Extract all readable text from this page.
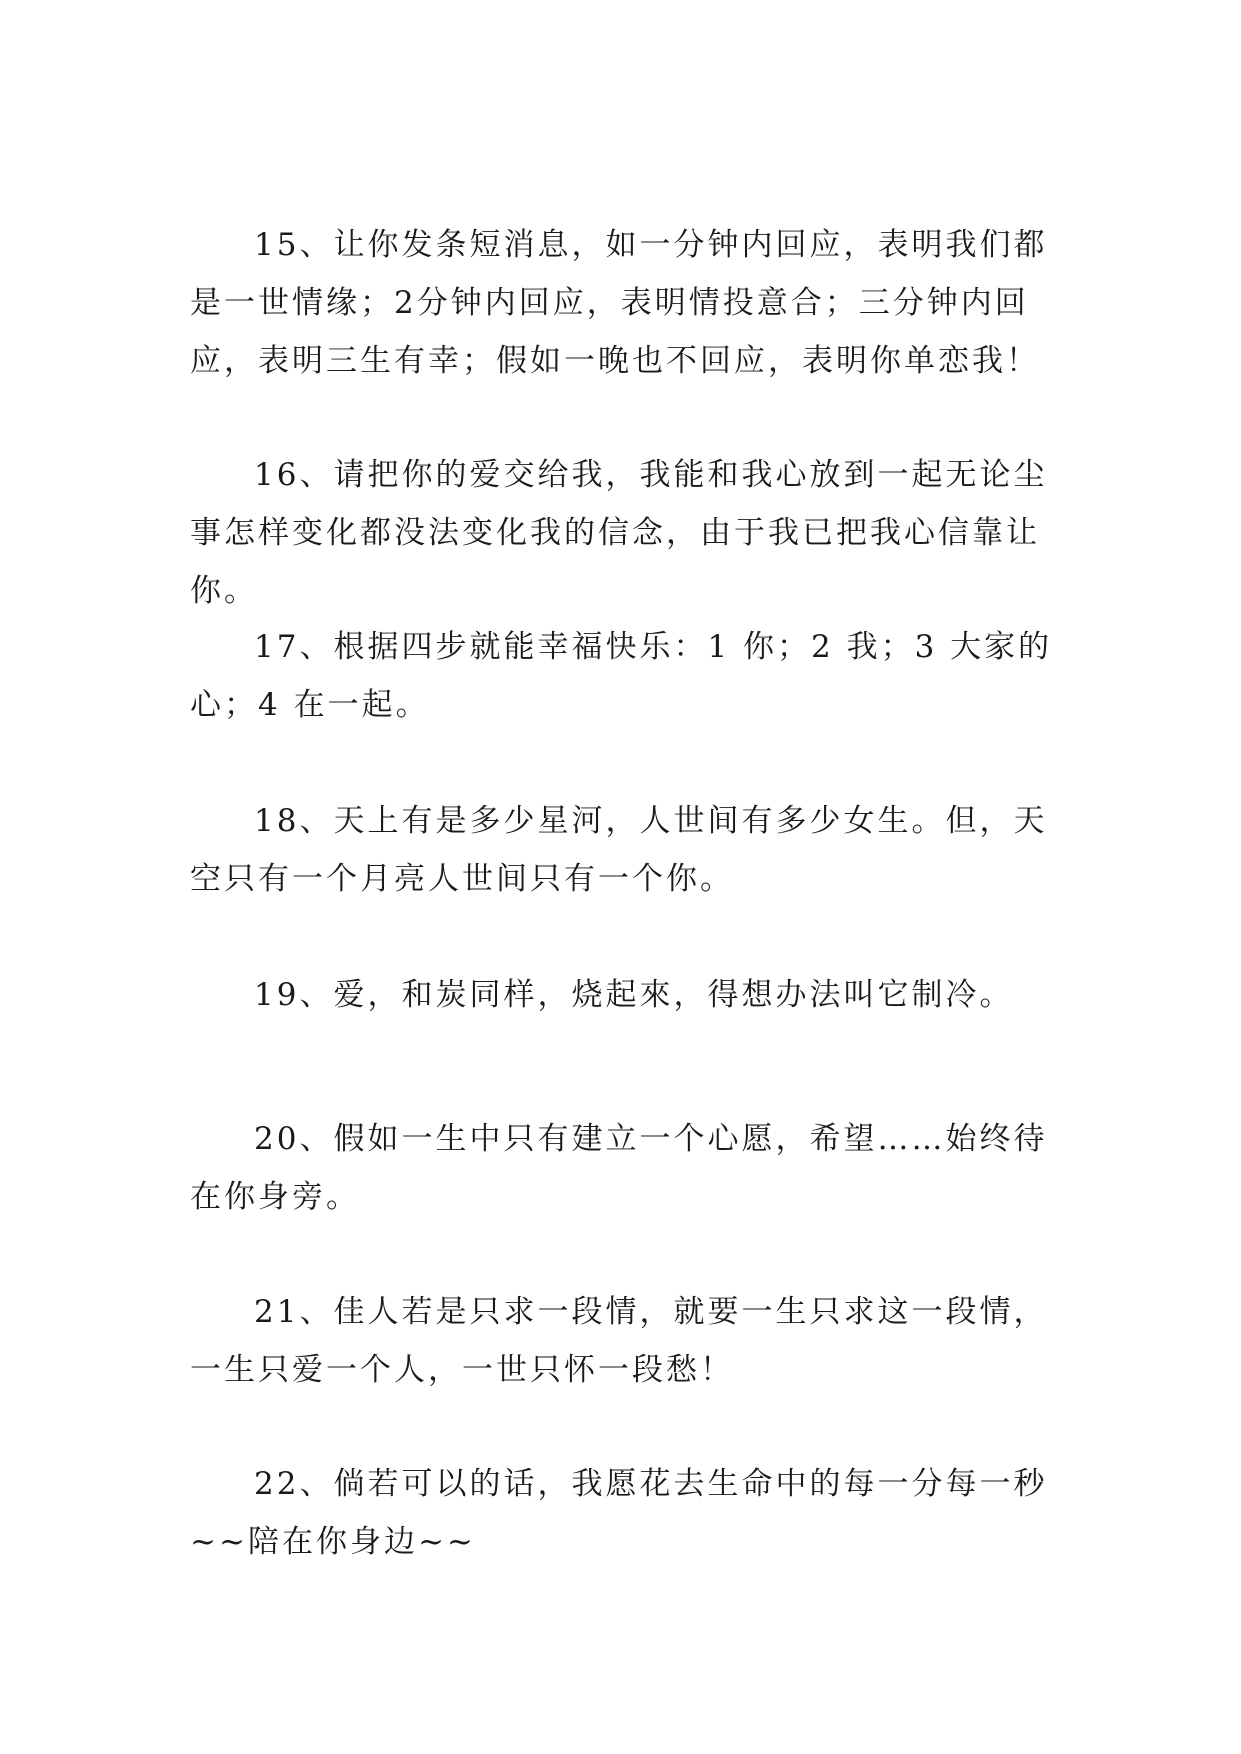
15、让你发条短消息，如一分钟内回应，表明我们都是一世情缘；2分钟内回应，表明情投意合；三分钟内回应，表明三生有幸；假如一晚也不回应，表明你单恋我！

16、请把你的爱交给我，我能和我心放到一起无论尘事怎样变化都没法变化我的信念，由于我已把我心信靠让你。

17、根据四步就能幸福快乐：1 你；2 我；3 大家的心；4 在一起。

18、天上有是多少星河，人世间有多少女生。但，天空只有一个月亮人世间只有一个你。

19、爱，和炭同样，烧起來，得想办法叫它制冷。

20、假如一生中只有建立一个心愿，希望……始终待在你身旁。

21、佳人若是只求一段情，就要一生只求这一段情，一生只爱一个人，一世只怀一段愁！

22、倘若可以的话，我愿花去生命中的每一分每一秒~~陪在你身边~~
